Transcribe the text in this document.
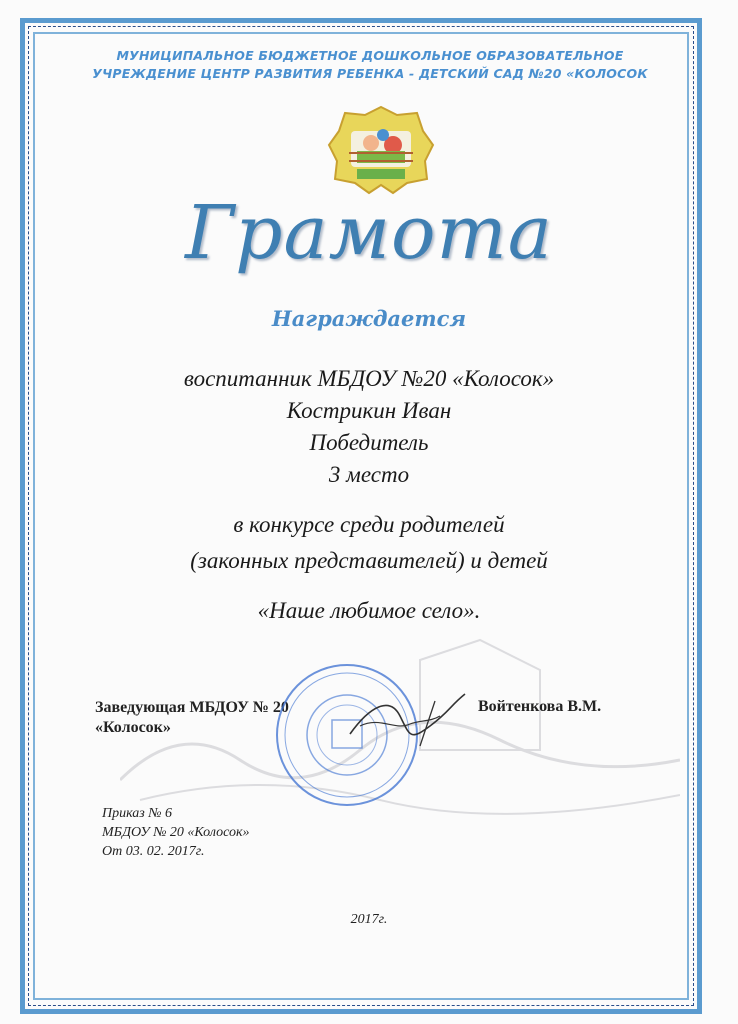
МУНИЦИПАЛЬНОЕ БЮДЖЕТНОЕ ДОШКОЛЬНОЕ ОБРАЗОВАТЕЛЬНОЕ
УЧРЕЖДЕНИЕ ЦЕНТР РАЗВИТИЯ РЕБЕНКА - ДЕТСКИЙ САД №20 «КОЛОСОК
Грамота
Награждается
воспитанник МБДОУ №20 «Колосок»
Кострикин Иван
Победитель
3 место
в конкурсе среди родителей
(законных представителей) и детей
«Наше любимое село».
Заведующая МБДОУ № 20
«Колосок»
Войтенкова В.М.
Приказ № 6
МБДОУ № 20 «Колосок»
От 03. 02. 2017г.
2017г.
